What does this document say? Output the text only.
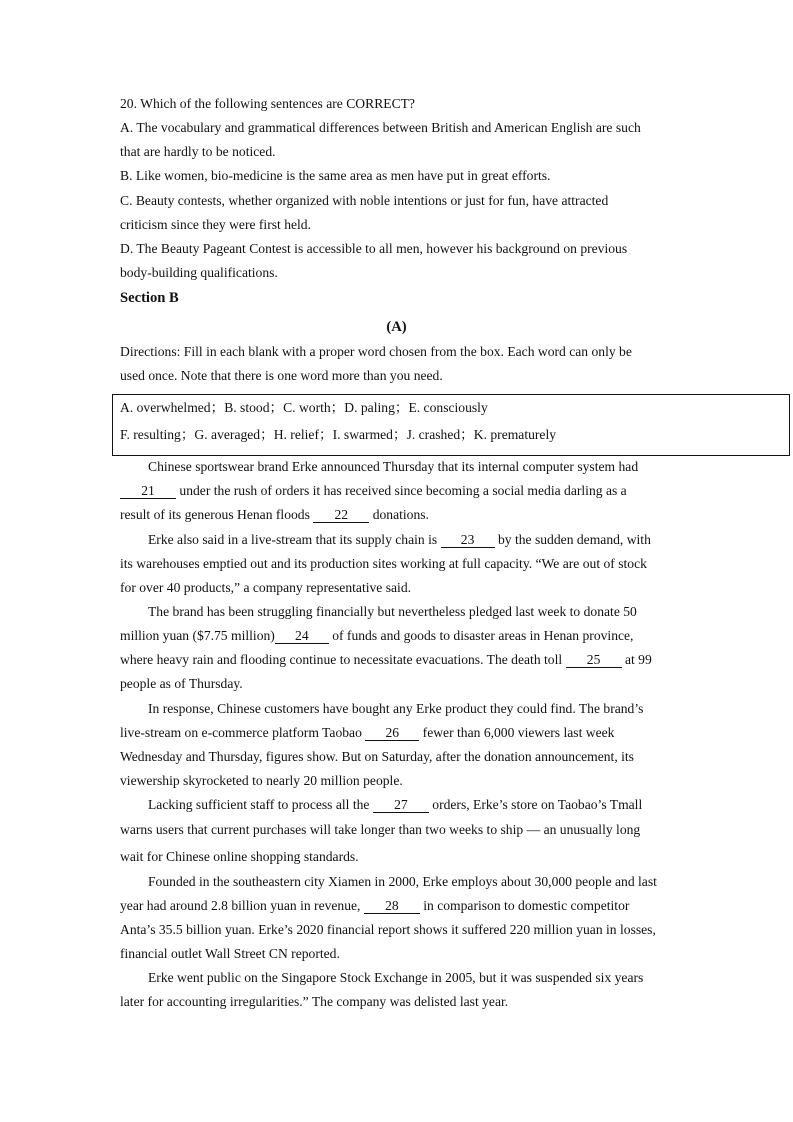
20. Which of the following sentences are CORRECT?
A. The vocabulary and grammatical differences between British and American English are such
that are hardly to be noticed.
B. Like women, bio-medicine is the same area as men have put in great efforts.
C. Beauty contests, whether organized with noble intentions or just for fun, have attracted
criticism since they were first held.
D. The Beauty Pageant Contest is accessible to all men, however his background on previous
body-building qualifications.
Section B
(A)
Directions: Fill in each blank with a proper word chosen from the box. Each word can only be
used once. Note that there is one word more than you need.
A. overwhelmed；B. stood；C. worth；D. paling；E. consciously
F. resulting；G. averaged；H. relief；I. swarmed；J. crashed；K. prematurely
Chinese sportswear brand Erke announced Thursday that its internal computer system had
21 under the rush of orders it has received since becoming a social media darling as a
result of its generous Henan floods 22 donations.
Erke also said in a live-stream that its supply chain is 23 by the sudden demand, with
its warehouses emptied out and its production sites working at full capacity. “We are out of stock
for over 40 products,” a company representative said.
The brand has been struggling financially but nevertheless pledged last week to donate 50
million yuan ($7.75 million) 24 of funds and goods to disaster areas in Henan province,
where heavy rain and flooding continue to necessitate evacuations. The death toll 25 at 99
people as of Thursday.
In response, Chinese customers have bought any Erke product they could find. The brand’s
live-stream on e-commerce platform Taobao 26 fewer than 6,000 viewers last week
Wednesday and Thursday, figures show. But on Saturday, after the donation announcement, its
viewership skyrocketed to nearly 20 million people.
Lacking sufficient staff to process all the 27 orders, Erke’s store on Taobao’s Tmall
warns users that current purchases will take longer than two weeks to ship — an unusually long
wait for Chinese online shopping standards.
Founded in the southeastern city Xiamen in 2000, Erke employs about 30,000 people and last
year had around 2.8 billion yuan in revenue, 28 in comparison to domestic competitor
Anta’s 35.5 billion yuan. Erke’s 2020 financial report shows it suffered 220 million yuan in losses,
financial outlet Wall Street CN reported.
Erke went public on the Singapore Stock Exchange in 2005, but it was suspended six years
later for accounting irregularities.” The company was delisted last year.
